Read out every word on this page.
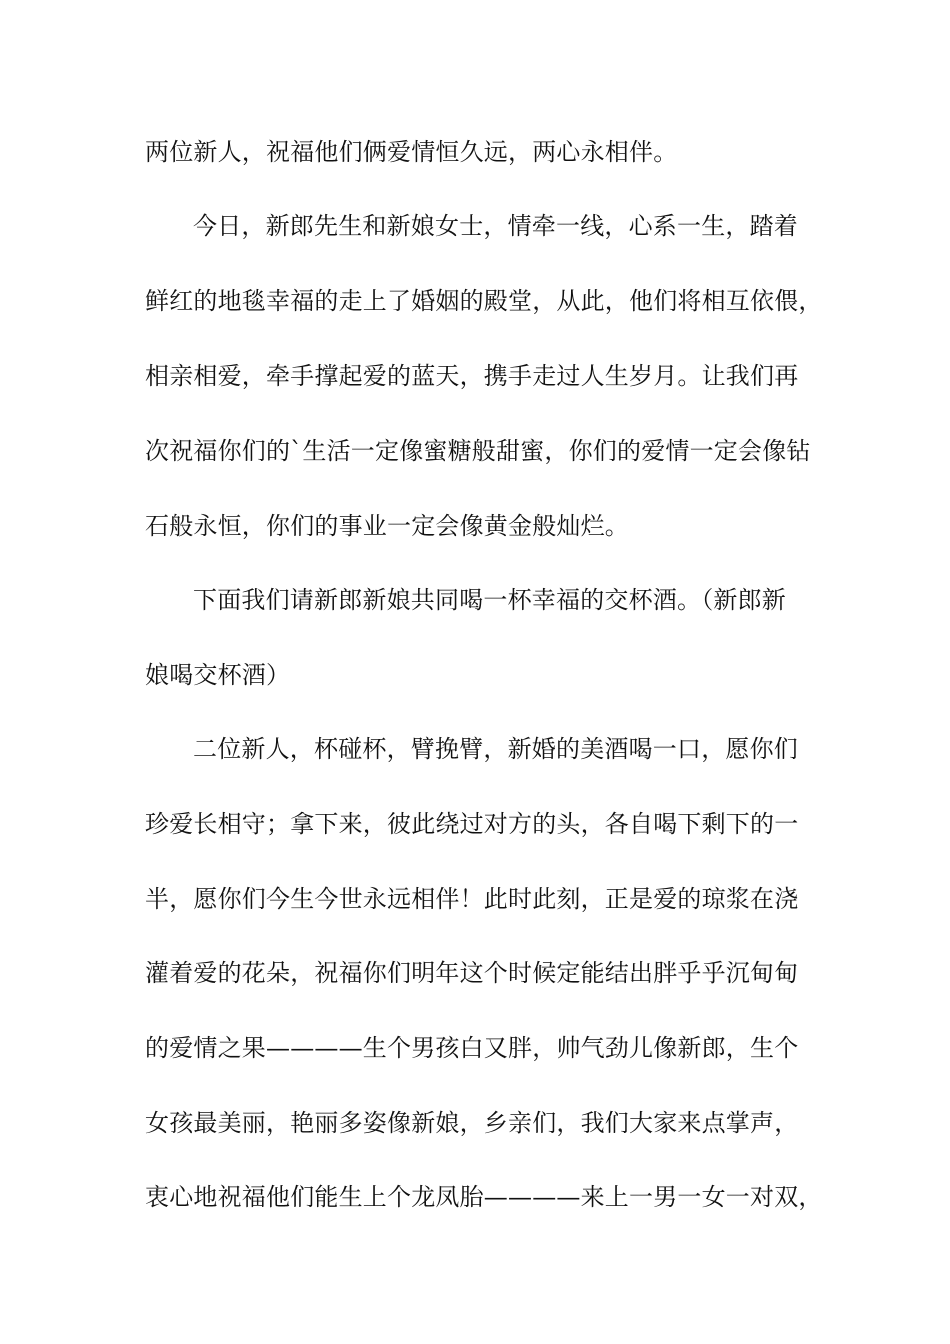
两位新人，祝福他们俩爱情恒久远，两心永相伴。
今日，新郎先生和新娘女士，情牵一线，心系一生，踏着
鲜红的地毯幸福的走上了婚姻的殿堂，从此，他们将相互依偎，
相亲相爱，牵手撑起爱的蓝天，携手走过人生岁月。让我们再
次祝福你们的`生活一定像蜜糖般甜蜜，你们的爱情一定会像钻
石般永恒，你们的事业一定会像黄金般灿烂。
下面我们请新郎新娘共同喝一杯幸福的交杯酒。（新郎新
娘喝交杯酒）
二位新人，杯碰杯，臂挽臂，新婚的美酒喝一口，愿你们
珍爱长相守；拿下来，彼此绕过对方的头，各自喝下剩下的一
半，愿你们今生今世永远相伴！此时此刻，正是爱的琼浆在浇
灌着爱的花朵，祝福你们明年这个时候定能结出胖乎乎沉甸甸
的爱情之果————生个男孩白又胖，帅气劲儿像新郎，生个
女孩最美丽，艳丽多姿像新娘，乡亲们，我们大家来点掌声，
衷心地祝福他们能生上个龙凤胎————来上一男一女一对双，
